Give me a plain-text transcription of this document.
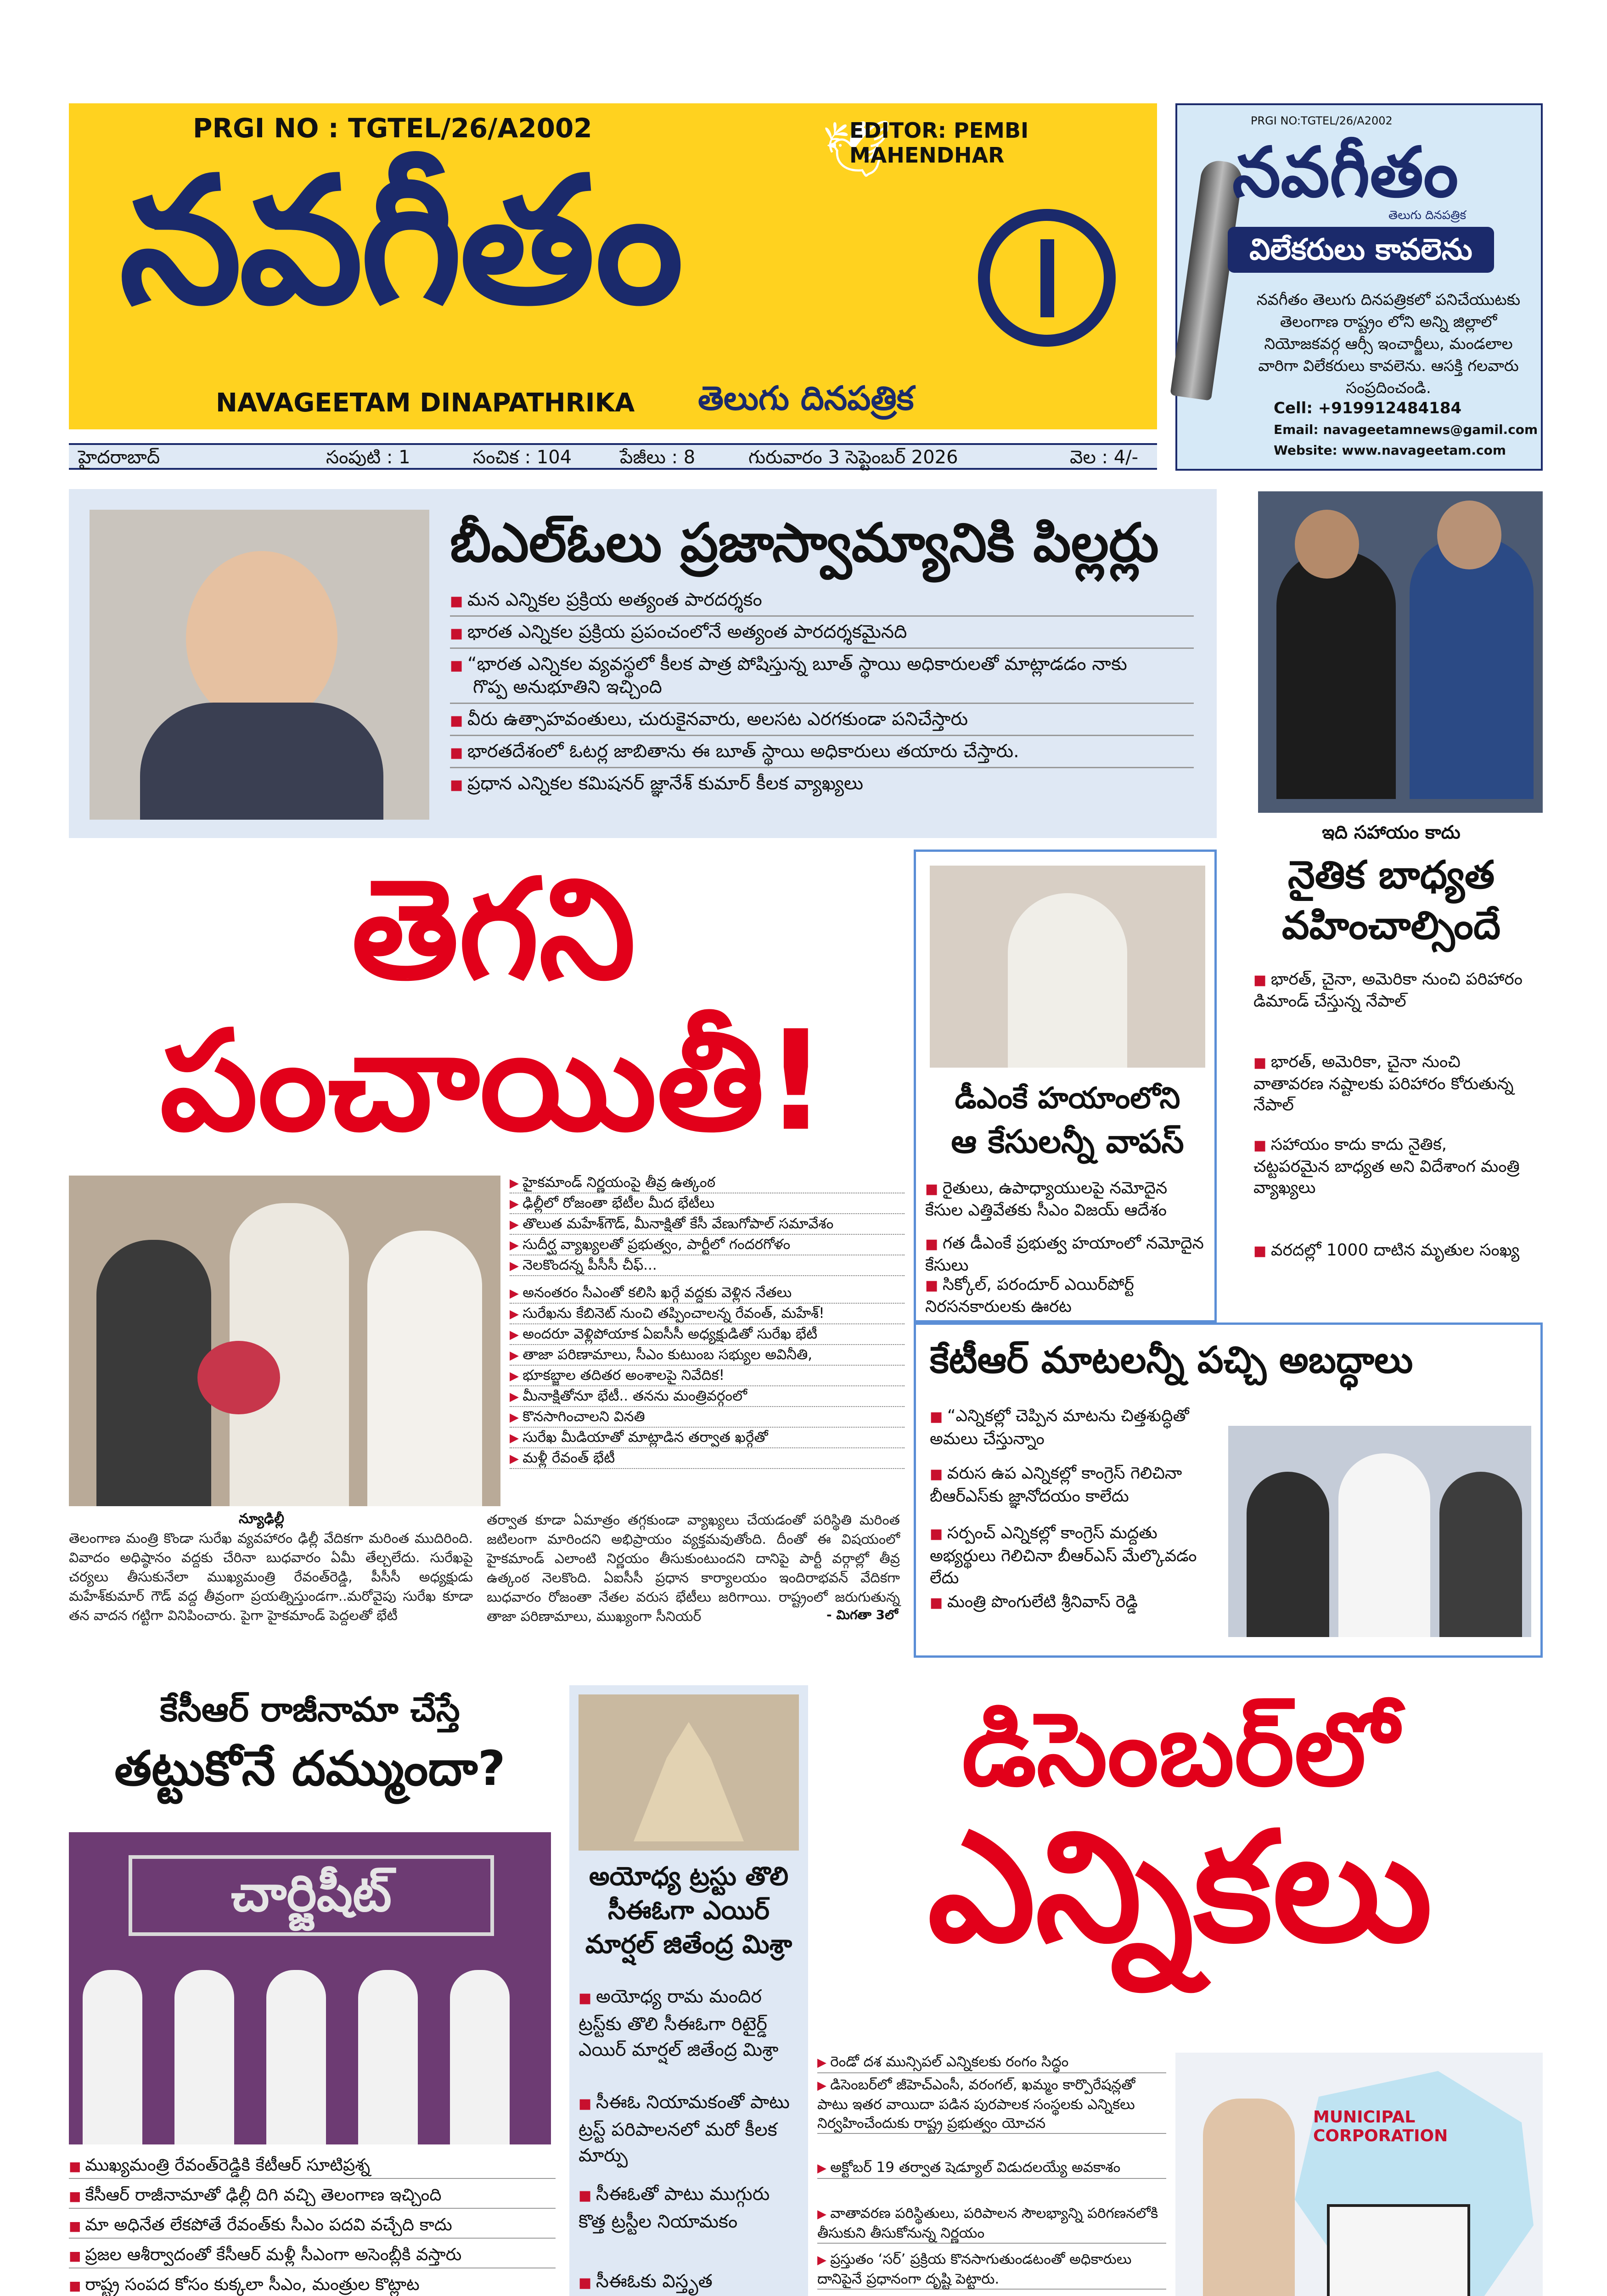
PRGI NO : TGTEL/26/A2002	🕊
EDITOR: PEMBI MAHENDHAR
నవగీతం
NAVAGEETAM DINAPATHRIKA తెలుగు దినపత్రిక
హైదరాబాద్	సంపుటి : 1	సంచిక : 104	పేజీలు : 8	గురువారం 3 సెప్టెంబర్ 2026	వెల : 4/-
PRGI NO:TGTEL/26/A2002
నవగీతం
తెలుగు దినపత్రిక
విలేకరులు కావలెను
నవగీతం తెలుగు దినపత్రికలో పనిచేయుటకు తెలంగాణ రాష్ట్రం లోని అన్ని జిల్లాలో నియోజకవర్గ ఆర్సీ ఇంచార్జీలు, మండలాల వారిగా విలేకరులు కావలెను. ఆసక్తి గలవారు సంప్రదించండి.
Cell: +919912484184
Email: navageetamnews@gamil.com
Website: www.navageetam.com
బీఎల్ఓలు ప్రజాస్వామ్యానికి పిల్లర్లు
■ మన ఎన్నికల ప్రక్రియ అత్యంత పారదర్శకం
■ భారత ఎన్నికల ప్రక్రియ ప్రపంచంలోనే అత్యంత పారదర్శకమైనది
■ “భారత ఎన్నికల వ్యవస్థలో కీలక పాత్ర పోషిస్తున్న బూత్ స్థాయి అధికారులతో మాట్లాడడం నాకు
గొప్ప అనుభూతిని ఇచ్చింది
■ వీరు ఉత్సాహవంతులు, చురుకైనవారు, అలసట ఎరగకుండా పనిచేస్తారు
■ భారతదేశంలో ఓటర్ల జాబితాను ఈ బూత్ స్థాయి అధికారులు తయారు చేస్తారు.
■ ప్రధాన ఎన్నికల కమిషనర్ జ్ఞానేశ్ కుమార్ కీలక వ్యాఖ్యలు
ఇది సహాయం కాదు
నైతిక బాధ్యత
వహించాల్సిందే
■ భారత్, చైనా, అమెరికా నుంచి పరిహారం డిమాండ్ చేస్తున్న నేపాల్
■ భారత్, అమెరికా, చైనా నుంచి వాతావరణ నష్టాలకు పరిహారం కోరుతున్న నేపాల్
■ సహాయం కాదు కాదు నైతిక, చట్టపరమైన బాధ్యత అని విదేశాంగ మంత్రి వ్యాఖ్యలు
■ వరదల్లో 1000 దాటిన మృతుల సంఖ్య
తెగని
పంచాయితీ!
▶ హైకమాండ్ నిర్ణయంపై తీవ్ర ఉత్కంఠ
▶ ఢిల్లీలో రోజంతా భేటీల మీద భేటీలు
▶ తొలుత మహేశ్‌గౌడ్, మీనాక్షితో కేసీ వేణుగోపాల్ సమావేశం
▶ సుదీర్ఘ వ్యాఖ్యలతో ప్రభుత్వం, పార్టీలో గందరగోళం
▶ నెలకొందన్న పీసీసీ చీఫ్...
▶ అనంతరం సీఎంతో కలిసి ఖర్గే వద్దకు వెళ్లిన నేతలు
▶ సురేఖను కేబినెట్ నుంచి తప్పించాలన్న రేవంత్, మహేశ్!
▶ అందరూ వెళ్లిపోయాక ఏఐసీసీ అధ్యక్షుడితో సురేఖ భేటీ
▶ తాజా పరిణామాలు, సీఎం కుటుంబ సభ్యుల అవినీతి,
▶ భూకబ్జాల తదితర అంశాలపై నివేదిక!
▶ మీనాక్షితోనూ భేటీ.. తనను మంత్రివర్గంలో
▶ కొనసాగించాలని వినతి
▶ సురేఖ మీడియాతో మాట్లాడిన తర్వాత ఖర్గేతో
▶ మళ్లీ రేవంత్ భేటీ
న్యూఢిల్లీ
తెలంగాణ మంత్రి కొండా సురేఖ వ్యవహారం ఢిల్లీ వేదికగా మరింత ముదిరింది. వివాదం అధిష్ఠానం వద్దకు చేరినా బుధవారం ఏమీ తేల్చలేదు. సురేఖపై చర్యలు తీసుకునేలా ముఖ్యమంత్రి రేవంత్‌రెడ్డి, పీసీసీ అధ్యక్షుడు మహేశ్‌కుమార్ గౌడ్ వద్ద తీవ్రంగా ప్రయత్నిస్తుండగా..మరోవైపు సురేఖ కూడా తన వాదన గట్టిగా వినిపించారు. పైగా హైకమాండ్ పెద్దలతో భేటీ
తర్వాత కూడా ఏమాత్రం తగ్గకుండా వ్యాఖ్యలు చేయడంతో పరిస్థితి మరింత జటిలంగా మారిందని అభిప్రాయం వ్యక్తమవుతోంది. దీంతో ఈ విషయంలో హైకమాండ్ ఎలాంటి నిర్ణయం తీసుకుంటుందని దానిపై పార్టీ వర్గాల్లో తీవ్ర ఉత్కంఠ నెలకొంది. ఏఐసీసీ ప్రధాన కార్యాలయం ఇందిరాభవన్ వేదికగా బుధవారం రోజంతా నేతల వరుస భేటీలు జరిగాయి. రాష్ట్రంలో జరుగుతున్న తాజా పరిణామాలు, ముఖ్యంగా సీనియర్	- మిగతా 3లో
డీఎంకే హయాంలోని
ఆ కేసులన్నీ వాపస్
■ రైతులు, ఉపాధ్యాయులపై నమోదైన కేసుల ఎత్తివేతకు సీఎం విజయ్ ఆదేశం
■ గత డీఎంకే ప్రభుత్వ హయాంలో నమోదైన కేసులు
■ సిక్కోల్, పరందూర్ ఎయిర్‌పోర్ట్ నిరసనకారులకు ఊరట
కేటీఆర్ మాటలన్నీ పచ్చి అబద్ధాలు
■ “ఎన్నికల్లో చెప్పిన మాటను చిత్తశుద్ధితో అమలు చేస్తున్నాం
■ వరుస ఉప ఎన్నికల్లో కాంగ్రెస్ గెలిచినా బీఆర్ఎస్‌కు జ్ఞానోదయం కాలేదు
■ సర్పంచ్ ఎన్నికల్లో కాంగ్రెస్ మద్దతు అభ్యర్థులు గెలిచినా బీఆర్ఎస్ మేల్కొవడం లేదు
■ మంత్రి పొంగులేటి శ్రీనివాస్ రెడ్డి
కేసీఆర్ రాజీనామా చేస్తే
తట్టుకోనే దమ్ముందా?
చార్జిషీట్
■ ముఖ్యమంత్రి రేవంత్‌రెడ్డికి కేటీఆర్ సూటిప్రశ్న
■ కేసీఆర్ రాజీనామాతో ఢిల్లీ దిగి వచ్చి తెలంగాణ ఇచ్చింది
■ మా అధినేత లేకపోతే రేవంత్‌కు సీఎం పదవి వచ్చేది కాదు
■ ప్రజల ఆశీర్వాదంతో కేసీఆర్ మళ్లీ సీఎంగా అసెంబ్లీకి వస్తారు
■ రాష్ట్ర సంపద కోసం కుక్కలా సీఎం, మంత్రుల కొట్లాట
అయోధ్య ట్రస్టు తొలి సీఈఓగా ఎయిర్ మార్షల్ జితేంద్ర మిశ్రా
■ అయోధ్య రామ మందిర ట్రస్ట్‌కు తొలి సీఈఓగా రిటైర్డ్ ఎయిర్ మార్షల్ జితేంద్ర మిశ్రా
■ సీఈఓ నియామకంతో పాటు ట్రస్ట్ పరిపాలనలో మరో కీలక మార్పు
■ సీఈఓతో పాటు ముగ్గురు కొత్త ట్రస్టీల నియామకం
■ సీఈఓకు విస్తృత
డిసెంబర్‌లో
ఎన్నికలు
▶ రెండో దశ మున్సిపల్ ఎన్నికలకు రంగం సిద్ధం
▶ డిసెంబర్‌లో జీహెచ్ఎంసీ, వరంగల్, ఖమ్మం కార్పొరేషన్లతో పాటు ఇతర వాయిదా పడిన పురపాలక సంస్థలకు ఎన్నికలు నిర్వహించేందుకు రాష్ట్ర ప్రభుత్వం యోచన
▶ అక్టోబర్ 19 తర్వాత షెడ్యూల్ విడుదలయ్యే అవకాశం
▶ వాతావరణ పరిస్థితులు, పరిపాలన సౌలభ్యాన్ని పరిగణనలోకి తీసుకుని తీసుకోనున్న నిర్ణయం
▶ ప్రస్తుతం ‘సర్’ ప్రక్రియ కొనసాగుతుండటంతో అధికారులు దానిపైనే ప్రధానంగా దృష్టి పెట్టారు.
MUNICIPAL CORPORATION
